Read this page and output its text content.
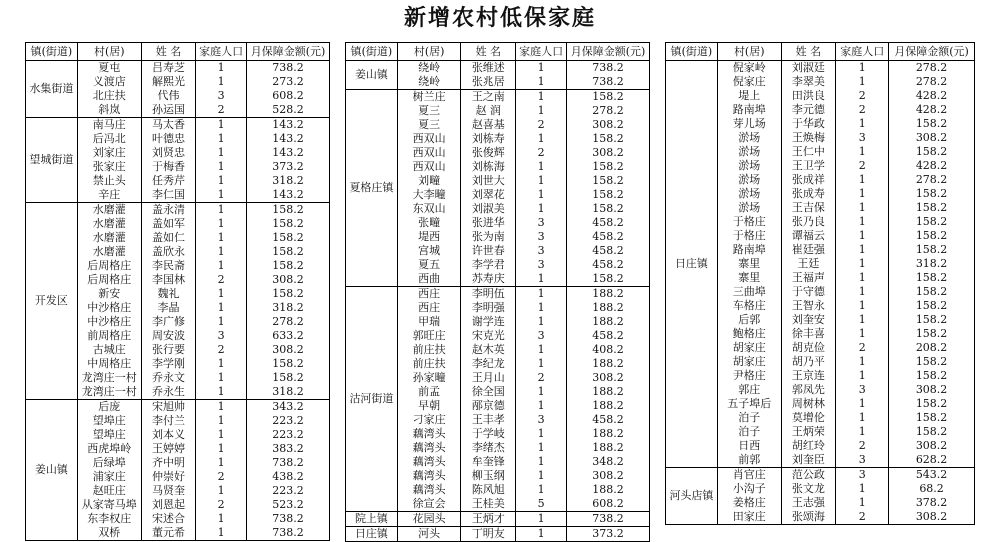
新增农村低保家庭
镇(街道)	村(居)	姓 名	家庭人口	月保障金额(元)
水集街道	夏屯	吕寿芝	1	738.2
	义渡店	解熙光	1	273.2
	北庄扶	代伟	3	608.2
	斜岚	孙运国	2	528.2
望城街道	南马庄	马太香	1	143.2
	后冯北	叶德忠	1	143.2
	刘家庄	刘贤忠	1	143.2
	张家庄	于梅香	1	373.2
	禁止头	任秀芹	1	318.2
	辛庄	李仁国	1	143.2
开发区	水磨灌	盖永清	1	158.2
	水磨灌	盖如军	1	158.2
	水磨灌	盖如仁	1	158.2
	水磨灌	盖欣永	1	158.2
	后周格庄	李民斋	1	158.2
	后周格庄	李国林	2	308.2
	新安	魏礼	1	158.2
	中沙格庄	李晶	1	318.2
	中沙格庄	李广修	1	278.2
	前周格庄	周安波	3	633.2
	古城庄	张行要	2	308.2
	中周格庄	李学刚	1	158.2
	龙湾庄一村	乔永文	1	158.2
	龙湾庄一村	乔永生	1	318.2
姜山镇	后庞	宋旭帅	1	343.2
	望埠庄	李付兰	1	223.2
	望埠庄	刘本义	1	223.2
	西虎埠岭	王婷婷	1	383.2
	后绿埠	齐中明	1	738.2
	浦家庄	仲崇好	2	438.2
	赵旺庄	马贤奎	1	223.2
	从家寄马埠	刘恩起	2	523.2
	东李权庄	宋述合	1	738.2
	双桥	董元希	1	738.2
镇(街道)	村(居)	姓 名	家庭人口	月保障金额(元)
姜山镇	绕岭	张维述	1	738.2
	绕岭	张兆居	1	738.2
夏格庄镇	树兰庄	王之南	1	158.2
	夏三	赵 润	1	278.2
	夏三	赵喜基	2	308.2
	西双山	刘栋寿	1	158.2
	西双山	张俊辉	2	308.2
	西双山	刘栋海	1	158.2
	刘疃	刘世大	1	158.2
	大李疃	刘翠花	1	158.2
	东双山	刘淑美	1	158.2
	张疃	张进华	3	458.2
	堤西	张为南	3	458.2
	宫城	许世春	3	458.2
	夏五	李学君	3	458.2
	西曲	苏寿庆	1	158.2
沽河街道	西庄	李明伍	1	188.2
	西庄	李明强	1	188.2
	甲瑞	谢学连	1	188.2
	郭旺庄	宋克光	3	458.2
	前庄扶	赵木英	1	408.2
	前庄扶	李纪龙	1	188.2
	孙家疃	王月山	2	308.2
	前孟	徐全国	1	188.2
	早朝	邴京德	1	188.2
	刁家庄	王丰孝	3	458.2
	藕湾头	于学岐	1	188.2
	藕湾头	李绪杰	1	188.2
	藕湾头	牟奎锋	1	348.2
	藕湾头	柳玉纲	1	308.2
	藕湾头	陈风旭	1	188.2
	徐宣会	王桂美	5	608.2
院上镇	花园头	王炳才	1	738.2
日庄镇	河头	丁明友	1	373.2
镇(街道)	村(居)	姓 名	家庭人口	月保障金额(元)
日庄镇	倪家岭	刘淑廷	1	278.2
	倪家庄	李翠美	1	278.2
	堤上	田洪良	2	428.2
	路南埠	李元德	2	428.2
	芽儿场	于华政	1	158.2
	淤场	王焕梅	3	308.2
	淤场	王仁中	1	158.2
	淤场	王卫学	2	428.2
	淤场	张成祥	1	278.2
	淤场	张成寿	1	158.2
	淤场	王吉保	1	158.2
	于格庄	张乃良	1	158.2
	于格庄	谭福云	1	158.2
	路南埠	崔廷强	1	158.2
	寨里	王廷	1	318.2
	寨里	王福声	1	158.2
	三曲埠	于守德	1	158.2
	车格庄	王智永	1	158.2
	后郭	刘奎安	1	158.2
	鲍格庄	徐丰喜	1	158.2
	胡家庄	胡克俭	2	208.2
	胡家庄	胡乃平	1	158.2
	尹格庄	王京连	1	158.2
	郭庄	郭凤先	3	308.2
	五子埠后	周树林	1	158.2
	泊子	莫增伦	1	158.2
	泊子	王炳荣	1	158.2
	日西	胡红玲	2	308.2
	前郭	刘奎臣	3	628.2
河头店镇	肖官庄	范公政	3	543.2
	小沟子	张文龙	1	68.2
	姜格庄	王志强	1	378.2
	田家庄	张颂海	2	308.2
